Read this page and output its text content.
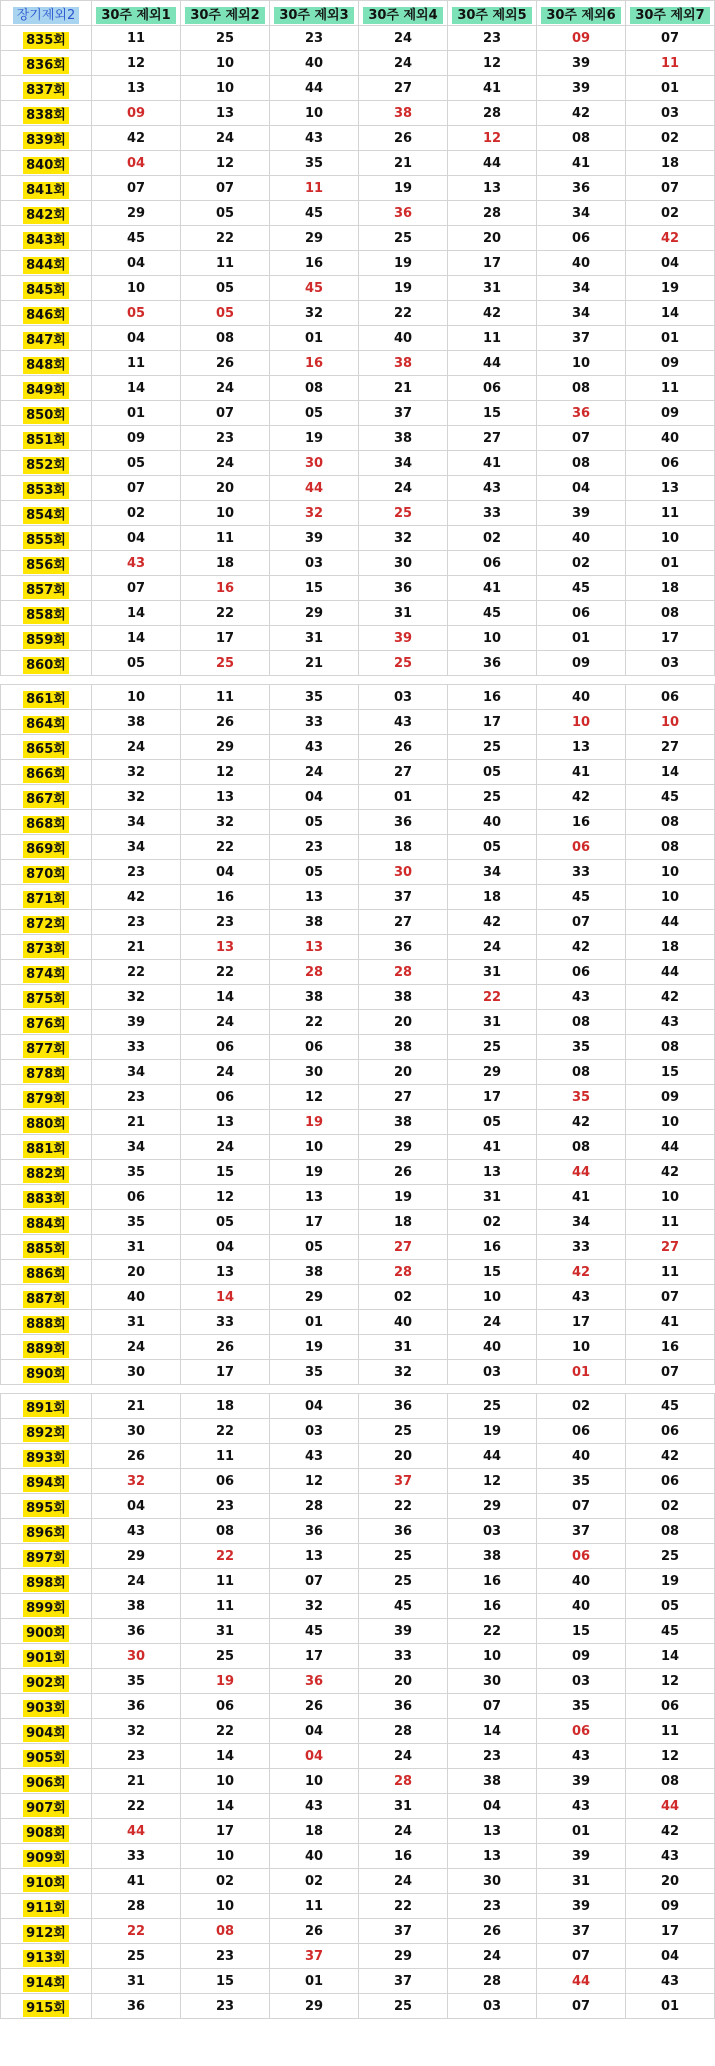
장기제외2	30주 제외1	30주 제외2	30주 제외3	30주 제외4	30주 제외5	30주 제외6	30주 제외7
835회	11	25	23	24	23	09	07
836회	12	10	40	24	12	39	11
837회	13	10	44	27	41	39	01
838회	09	13	10	38	28	42	03
839회	42	24	43	26	12	08	02
840회	04	12	35	21	44	41	18
841회	07	07	11	19	13	36	07
842회	29	05	45	36	28	34	02
843회	45	22	29	25	20	06	42
844회	04	11	16	19	17	40	04
845회	10	05	45	19	31	34	19
846회	05	05	32	22	42	34	14
847회	04	08	01	40	11	37	01
848회	11	26	16	38	44	10	09
849회	14	24	08	21	06	08	11
850회	01	07	05	37	15	36	09
851회	09	23	19	38	27	07	40
852회	05	24	30	34	41	08	06
853회	07	20	44	24	43	04	13
854회	02	10	32	25	33	39	11
855회	04	11	39	32	02	40	10
856회	43	18	03	30	06	02	01
857회	07	16	15	36	41	45	18
858회	14	22	29	31	45	06	08
859회	14	17	31	39	10	01	17
860회	05	25	21	25	36	09	03

861회	10	11	35	03	16	40	06
864회	38	26	33	43	17	10	10
865회	24	29	43	26	25	13	27
866회	32	12	24	27	05	41	14
867회	32	13	04	01	25	42	45
868회	34	32	05	36	40	16	08
869회	34	22	23	18	05	06	08
870회	23	04	05	30	34	33	10
871회	42	16	13	37	18	45	10
872회	23	23	38	27	42	07	44
873회	21	13	13	36	24	42	18
874회	22	22	28	28	31	06	44
875회	32	14	38	38	22	43	42
876회	39	24	22	20	31	08	43
877회	33	06	06	38	25	35	08
878회	34	24	30	20	29	08	15
879회	23	06	12	27	17	35	09
880회	21	13	19	38	05	42	10
881회	34	24	10	29	41	08	44
882회	35	15	19	26	13	44	42
883회	06	12	13	19	31	41	10
884회	35	05	17	18	02	34	11
885회	31	04	05	27	16	33	27
886회	20	13	38	28	15	42	11
887회	40	14	29	02	10	43	07
888회	31	33	01	40	24	17	41
889회	24	26	19	31	40	10	16
890회	30	17	35	32	03	01	07

891회	21	18	04	36	25	02	45
892회	30	22	03	25	19	06	06
893회	26	11	43	20	44	40	42
894회	32	06	12	37	12	35	06
895회	04	23	28	22	29	07	02
896회	43	08	36	36	03	37	08
897회	29	22	13	25	38	06	25
898회	24	11	07	25	16	40	19
899회	38	11	32	45	16	40	05
900회	36	31	45	39	22	15	45
901회	30	25	17	33	10	09	14
902회	35	19	36	20	30	03	12
903회	36	06	26	36	07	35	06
904회	32	22	04	28	14	06	11
905회	23	14	04	24	23	43	12
906회	21	10	10	28	38	39	08
907회	22	14	43	31	04	43	44
908회	44	17	18	24	13	01	42
909회	33	10	40	16	13	39	43
910회	41	02	02	24	30	31	20
911회	28	10	11	22	23	39	09
912회	22	08	26	37	26	37	17
913회	25	23	37	29	24	07	04
914회	31	15	01	37	28	44	43
915회	36	23	29	25	03	07	01
